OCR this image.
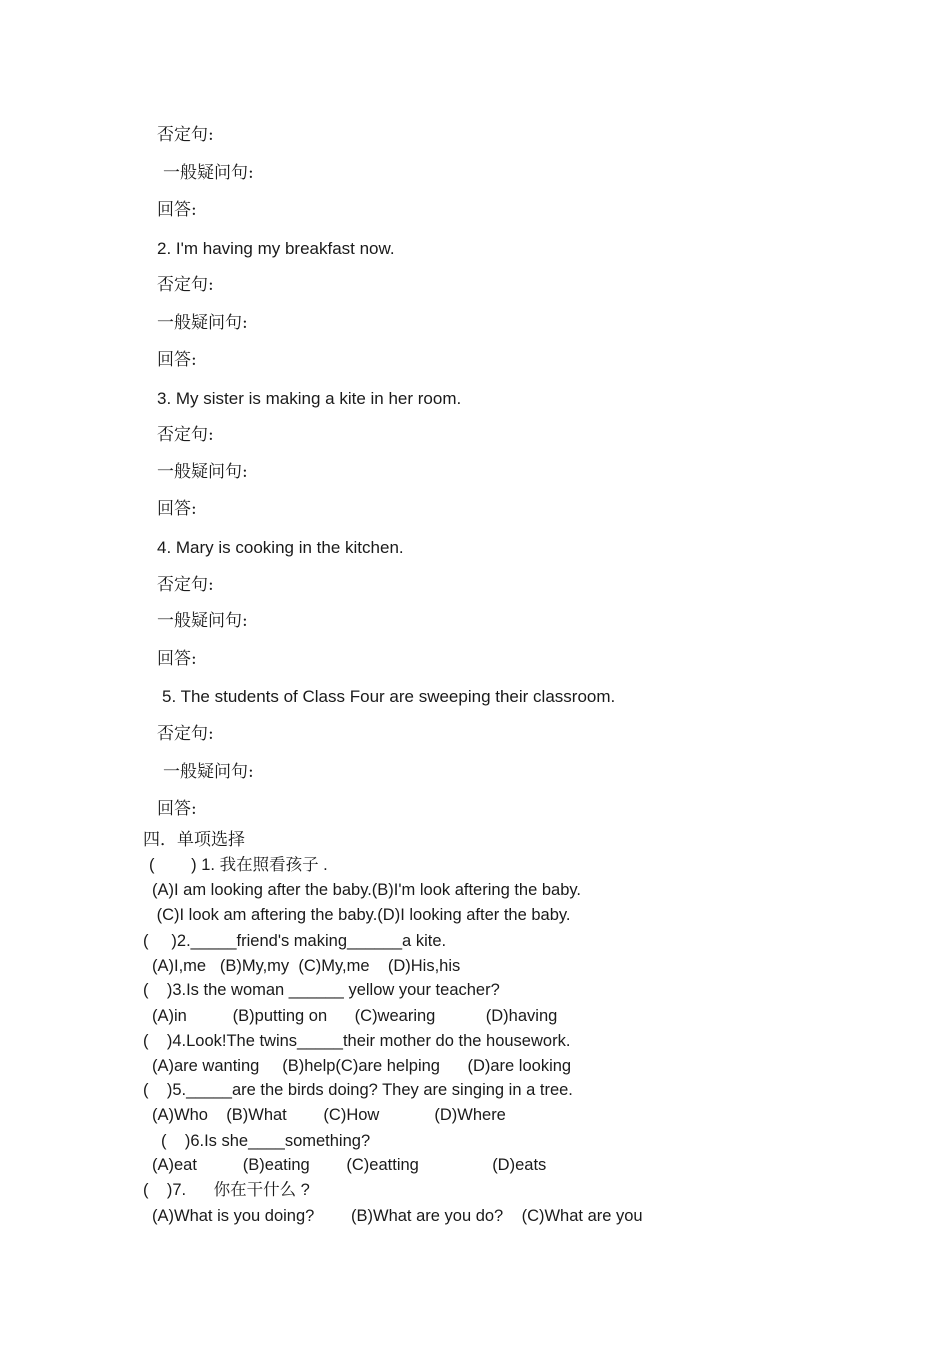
否定句:
一般疑问句:
回答:
2. I'm having my breakfast now.
否定句:
一般疑问句:
回答:
3. My sister is making a kite in her room.
否定句:
一般疑问句:
回答:
4. Mary is cooking in the kitchen.
否定句:
一般疑问句:
回答:
5. The students of Class Four are sweeping their classroom.
否定句:
一般疑问句:
回答:
四．单项选择
(        ) 1. 我在照看孩子 .
(A)I am looking after the baby.(B)I'm look aftering the baby.
(C)I look am aftering the baby.(D)I looking after the baby.
(     )2._____friend's making______a kite.
(A)I,me   (B)My,my  (C)My,me    (D)His,his
(    )3.Is the woman ______ yellow your teacher?
(A)in          (B)putting on      (C)wearing           (D)having
(    )4.Look!The twins_____their mother do the housework.
(A)are wanting     (B)help(C)are helping      (D)are looking
(    )5._____are the birds doing? They are singing in a tree.
(A)Who    (B)What        (C)How            (D)Where
(    )6.Is she____something?
(A)eat          (B)eating        (C)eatting                (D)eats
(    )7.      你在干什么 ?
(A)What is you doing?        (B)What are you do?    (C)What are you
